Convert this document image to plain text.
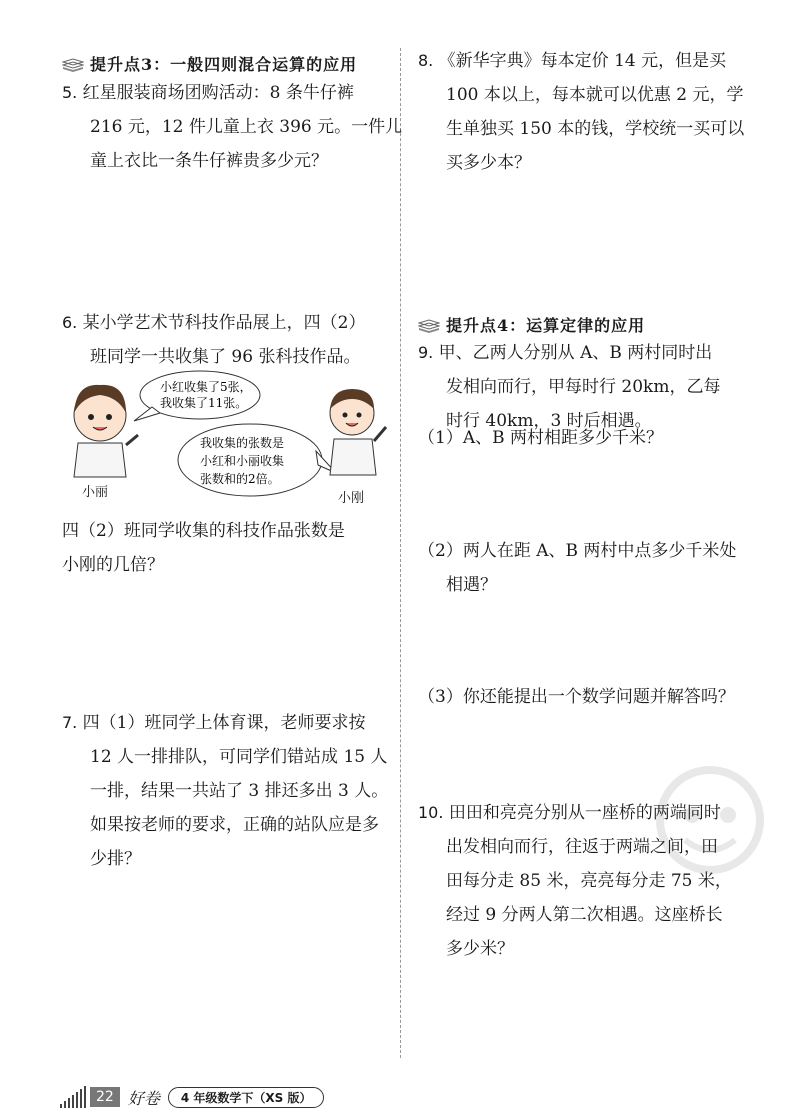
提升点3：一般四则混合运算的应用
5. 红星服装商场团购活动：8 条牛仔裤
216 元，12 件儿童上衣 396 元。一件儿
童上衣比一条牛仔裤贵多少元？
6. 某小学艺术节科技作品展上，四（2）
班同学一共收集了 96 张科技作品。
小红收集了5张，
我收集了11张。
我收集的张数是
小红和小丽收集
张数和的2倍。
小丽	小刚
四（2）班同学收集的科技作品张数是
小刚的几倍？
7. 四（1）班同学上体育课，老师要求按
12 人一排排队，可同学们错站成 15 人
一排，结果一共站了 3 排还多出 3 人。
如果按老师的要求，正确的站队应是多
少排？
8. 《新华字典》每本定价 14 元，但是买
100 本以上，每本就可以优惠 2 元，学
生单独买 150 本的钱，学校统一买可以
买多少本？
提升点4：运算定律的应用
9. 甲、乙两人分别从 A、B 两村同时出
发相向而行，甲每时行 20km，乙每
时行 40km，3 时后相遇。
（1）A、B 两村相距多少千米？
（2）两人在距 A、B 两村中点多少千米处
相遇？
（3）你还能提出一个数学问题并解答吗？
10. 田田和亮亮分别从一座桥的两端同时
出发相向而行，往返于两端之间，田
田每分走 85 米，亮亮每分走 75 米，
经过 9 分两人第二次相遇。这座桥长
多少米？
22 好卷	4 年级数学下（XS 版）
